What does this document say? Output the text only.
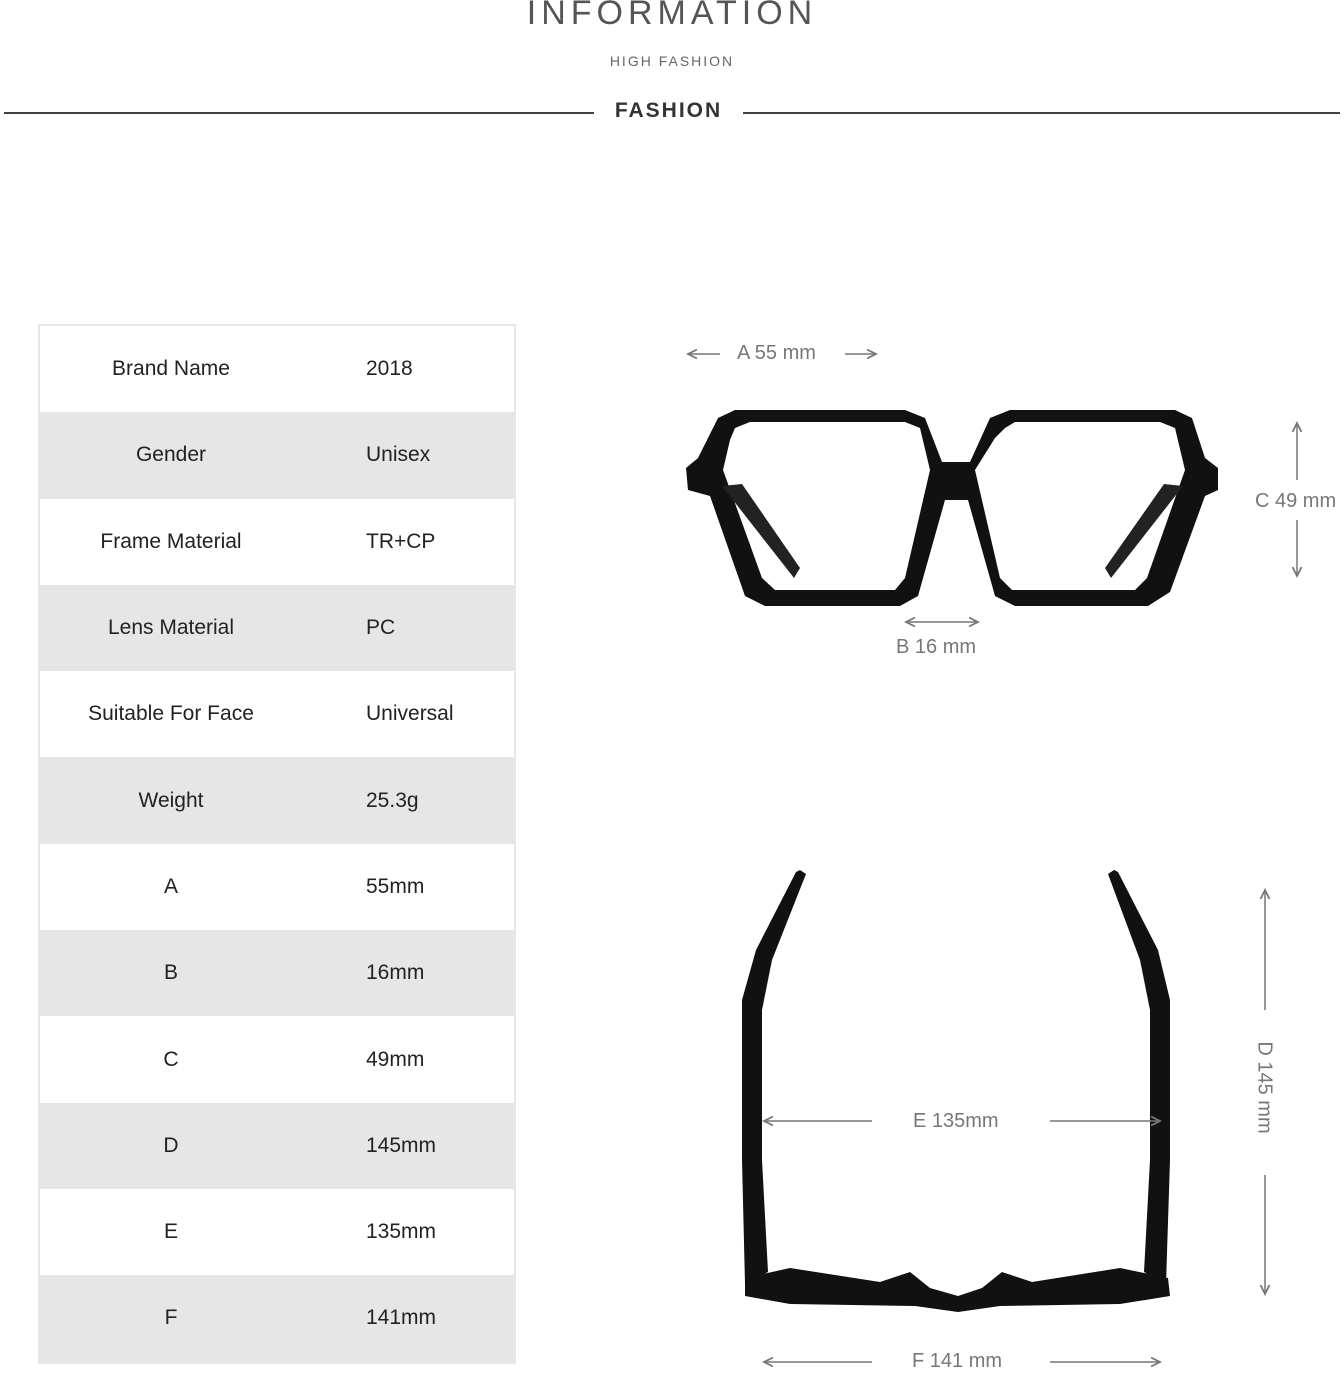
INFORMATION
HIGH FASHION
FASHION
Brand Name	2018
Gender	Unisex
Frame Material	TR+CP
Lens Material	PC
Suitable For Face	Universal
Weight	25.3g
A	55mm
B	16mm
C	49mm
D	145mm
E	135mm
F	141mm
A 55 mm
B 16 mm
C 49 mm
D 145 mm
E 135mm
F 141 mm
